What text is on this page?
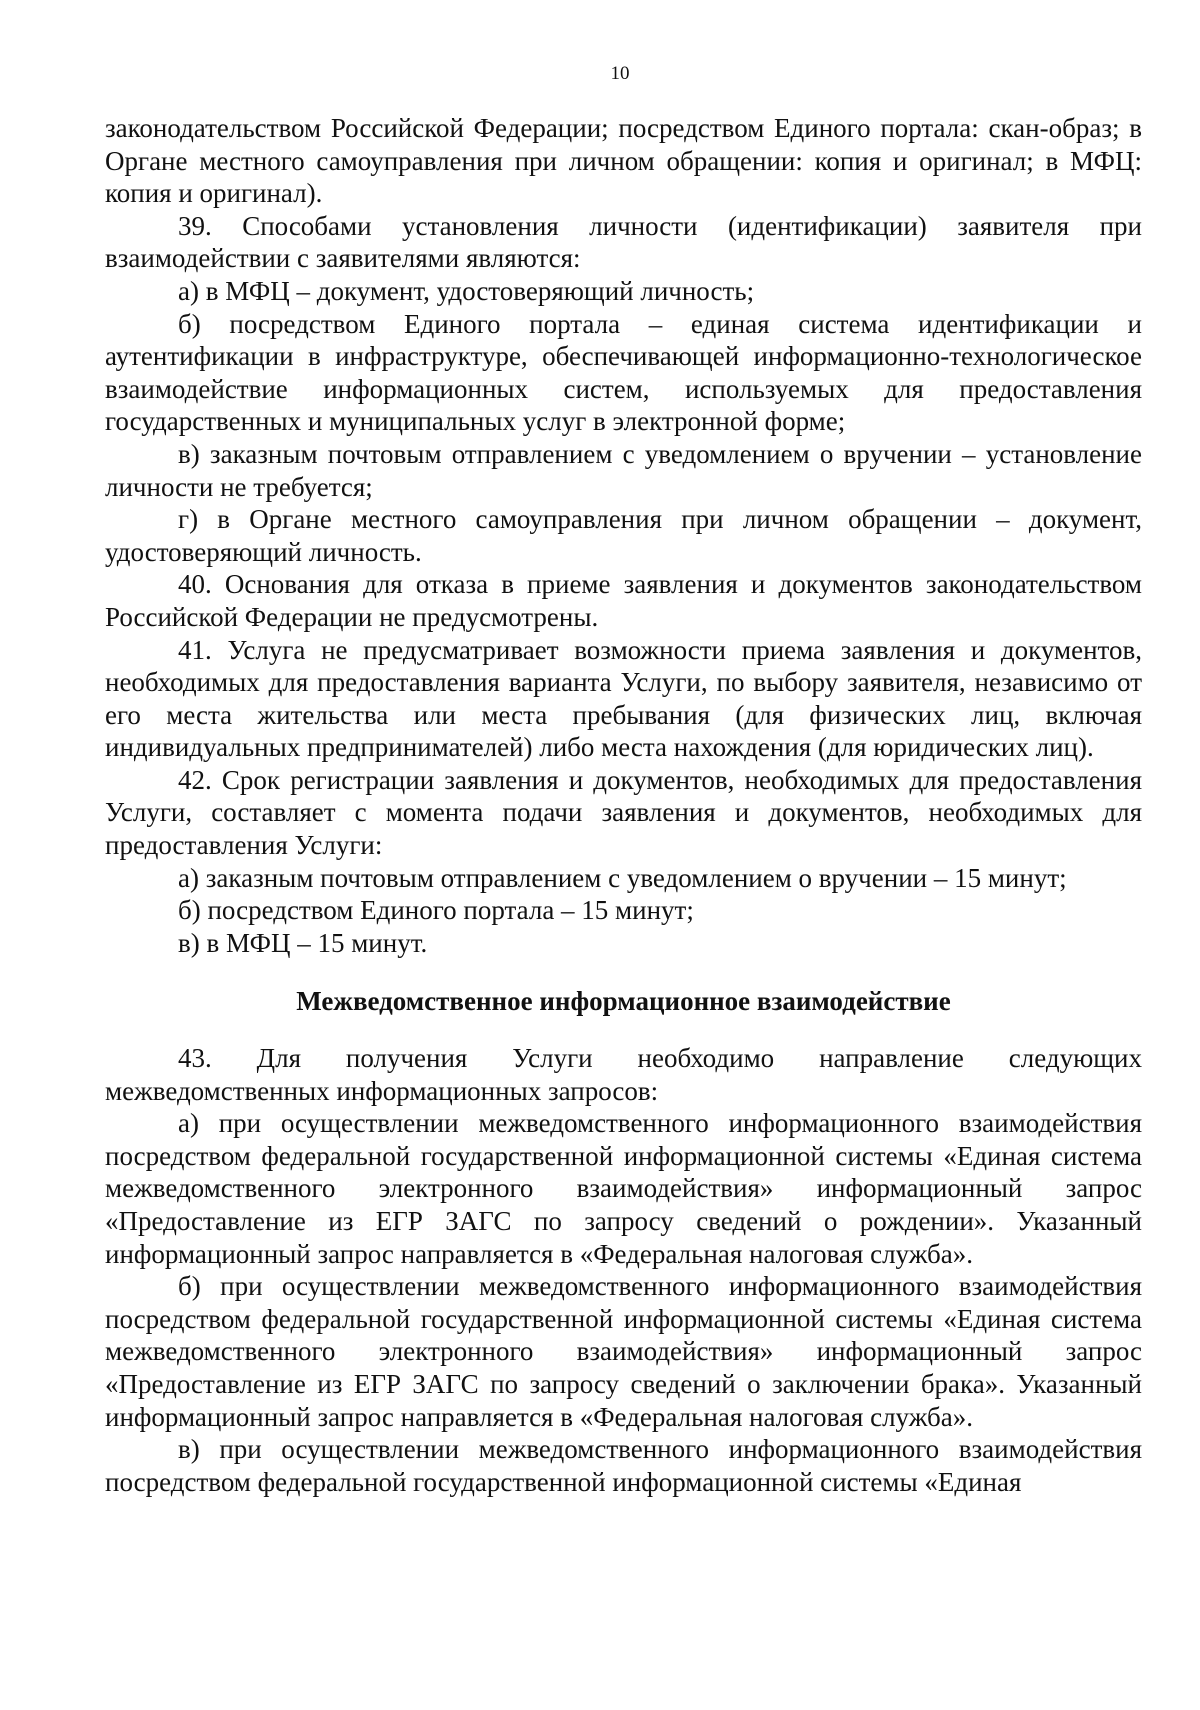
10

законодательством Российской Федерации; посредством Единого портала: скан-образ; в Органе местного самоуправления при личном обращении: копия и оригинал; в МФЦ: копия и оригинал).

39. Способами установления личности (идентификации) заявителя при взаимодействии с заявителями являются:

а) в МФЦ – документ, удостоверяющий личность;

б) посредством Единого портала – единая система идентификации и аутентификации в инфраструктуре, обеспечивающей информационно-технологическое взаимодействие информационных систем, используемых для предоставления государственных и муниципальных услуг в электронной форме;

в) заказным почтовым отправлением с уведомлением о вручении – установление личности не требуется;

г) в Органе местного самоуправления при личном обращении – документ, удостоверяющий личность.

40. Основания для отказа в приеме заявления и документов законодательством Российской Федерации не предусмотрены.

41. Услуга не предусматривает возможности приема заявления и документов, необходимых для предоставления варианта Услуги, по выбору заявителя, независимо от его места жительства или места пребывания (для физических лиц, включая индивидуальных предпринимателей) либо места нахождения (для юридических лиц).

42. Срок регистрации заявления и документов, необходимых для предоставления Услуги, составляет с момента подачи заявления и документов, необходимых для предоставления Услуги:

а) заказным почтовым отправлением с уведомлением о вручении – 15 минут;

б) посредством Единого портала – 15 минут;

в) в МФЦ – 15 минут.

Межведомственное информационное взаимодействие

43. Для получения Услуги необходимо направление следующих межведомственных информационных запросов:

а) при осуществлении межведомственного информационного взаимодействия посредством федеральной государственной информационной системы «Единая система межведомственного электронного взаимодействия» информационный запрос «Предоставление из ЕГР ЗАГС по запросу сведений о рождении». Указанный информационный запрос направляется в «Федеральная налоговая служба».

б) при осуществлении межведомственного информационного взаимодействия посредством федеральной государственной информационной системы «Единая система межведомственного электронного взаимодействия» информационный запрос «Предоставление из ЕГР ЗАГС по запросу сведений о заключении брака». Указанный информационный запрос направляется в «Федеральная налоговая служба».

в) при осуществлении межведомственного информационного взаимодействия посредством федеральной государственной информационной системы «Единая
